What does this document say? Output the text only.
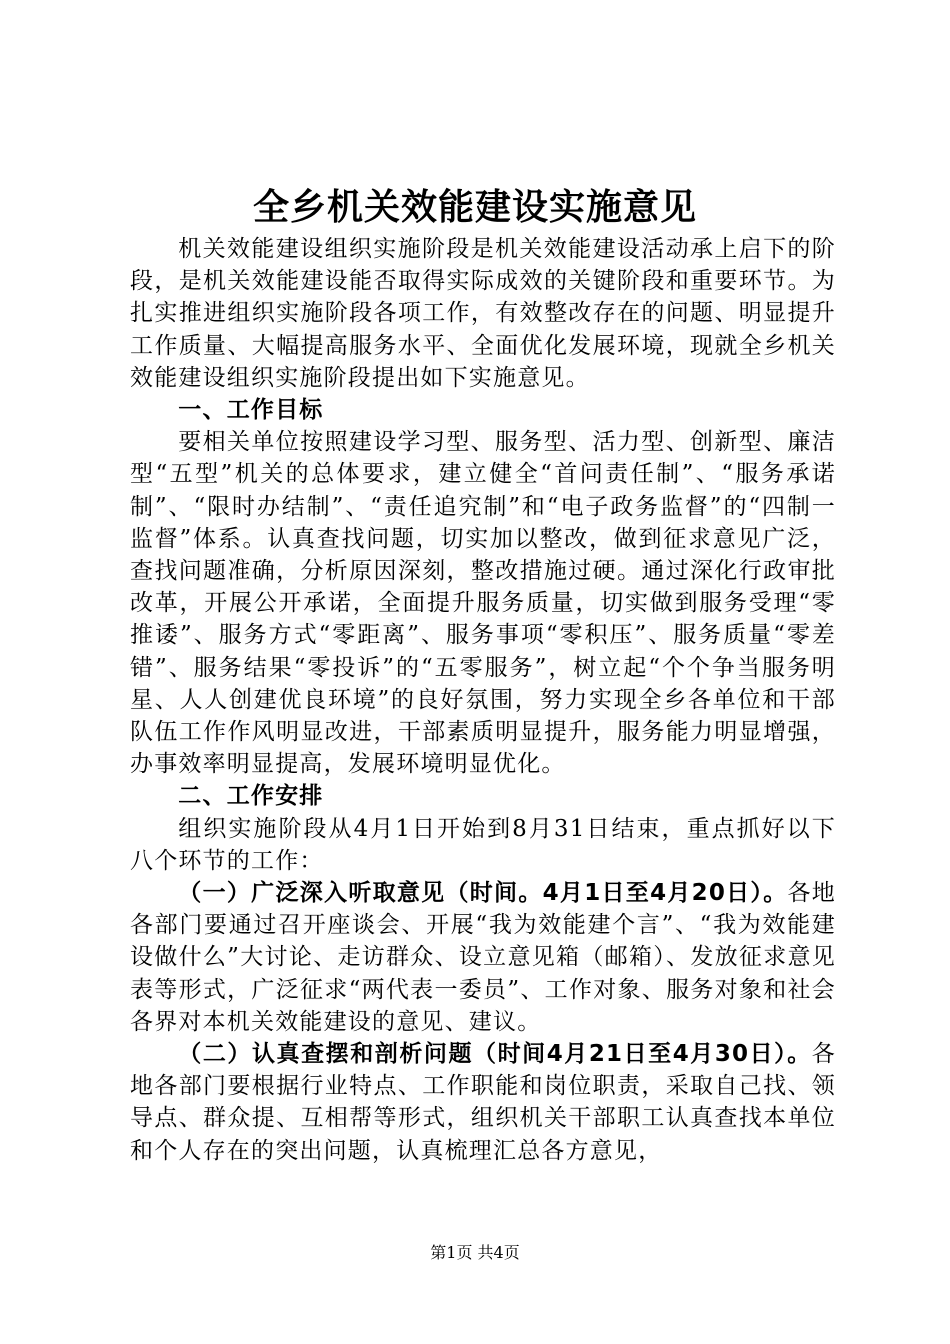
全乡机关效能建设实施意见

机关效能建设组织实施阶段是机关效能建设活动承上启下的阶段，是机关效能建设能否取得实际成效的关键阶段和重要环节。为扎实推进组织实施阶段各项工作，有效整改存在的问题、明显提升工作质量、大幅提高服务水平、全面优化发展环境，现就全乡机关效能建设组织实施阶段提出如下实施意见。

一、工作目标

要相关单位按照建设学习型、服务型、活力型、创新型、廉洁型“五型”机关的总体要求，建立健全“首问责任制”、“服务承诺制”、“限时办结制”、“责任追究制”和“电子政务监督”的“四制一监督”体系。认真查找问题，切实加以整改，做到征求意见广泛，查找问题准确，分析原因深刻，整改措施过硬。通过深化行政审批改革，开展公开承诺，全面提升服务质量，切实做到服务受理“零推诿”、服务方式“零距离”、服务事项“零积压”、服务质量“零差错”、服务结果“零投诉”的“五零服务”，树立起“个个争当服务明星、人人创建优良环境”的良好氛围，努力实现全乡各单位和干部队伍工作作风明显改进，干部素质明显提升，服务能力明显增强，办事效率明显提高，发展环境明显优化。

二、工作安排

组织实施阶段从4月1日开始到8月31日结束，重点抓好以下八个环节的工作：

（一）广泛深入听取意见（时间。4月1日至4月20日）。各地各部门要通过召开座谈会、开展“我为效能建个言”、“我为效能建设做什么”大讨论、走访群众、设立意见箱（邮箱）、发放征求意见表等形式，广泛征求“两代表一委员”、工作对象、服务对象和社会各界对本机关效能建设的意见、建议。

（二）认真查摆和剖析问题（时间4月21日至4月30日）。各地各部门要根据行业特点、工作职能和岗位职责，采取自己找、领导点、群众提、互相帮等形式，组织机关干部职工认真查找本单位和个人存在的突出问题，认真梳理汇总各方意见，

第1页 共4页
